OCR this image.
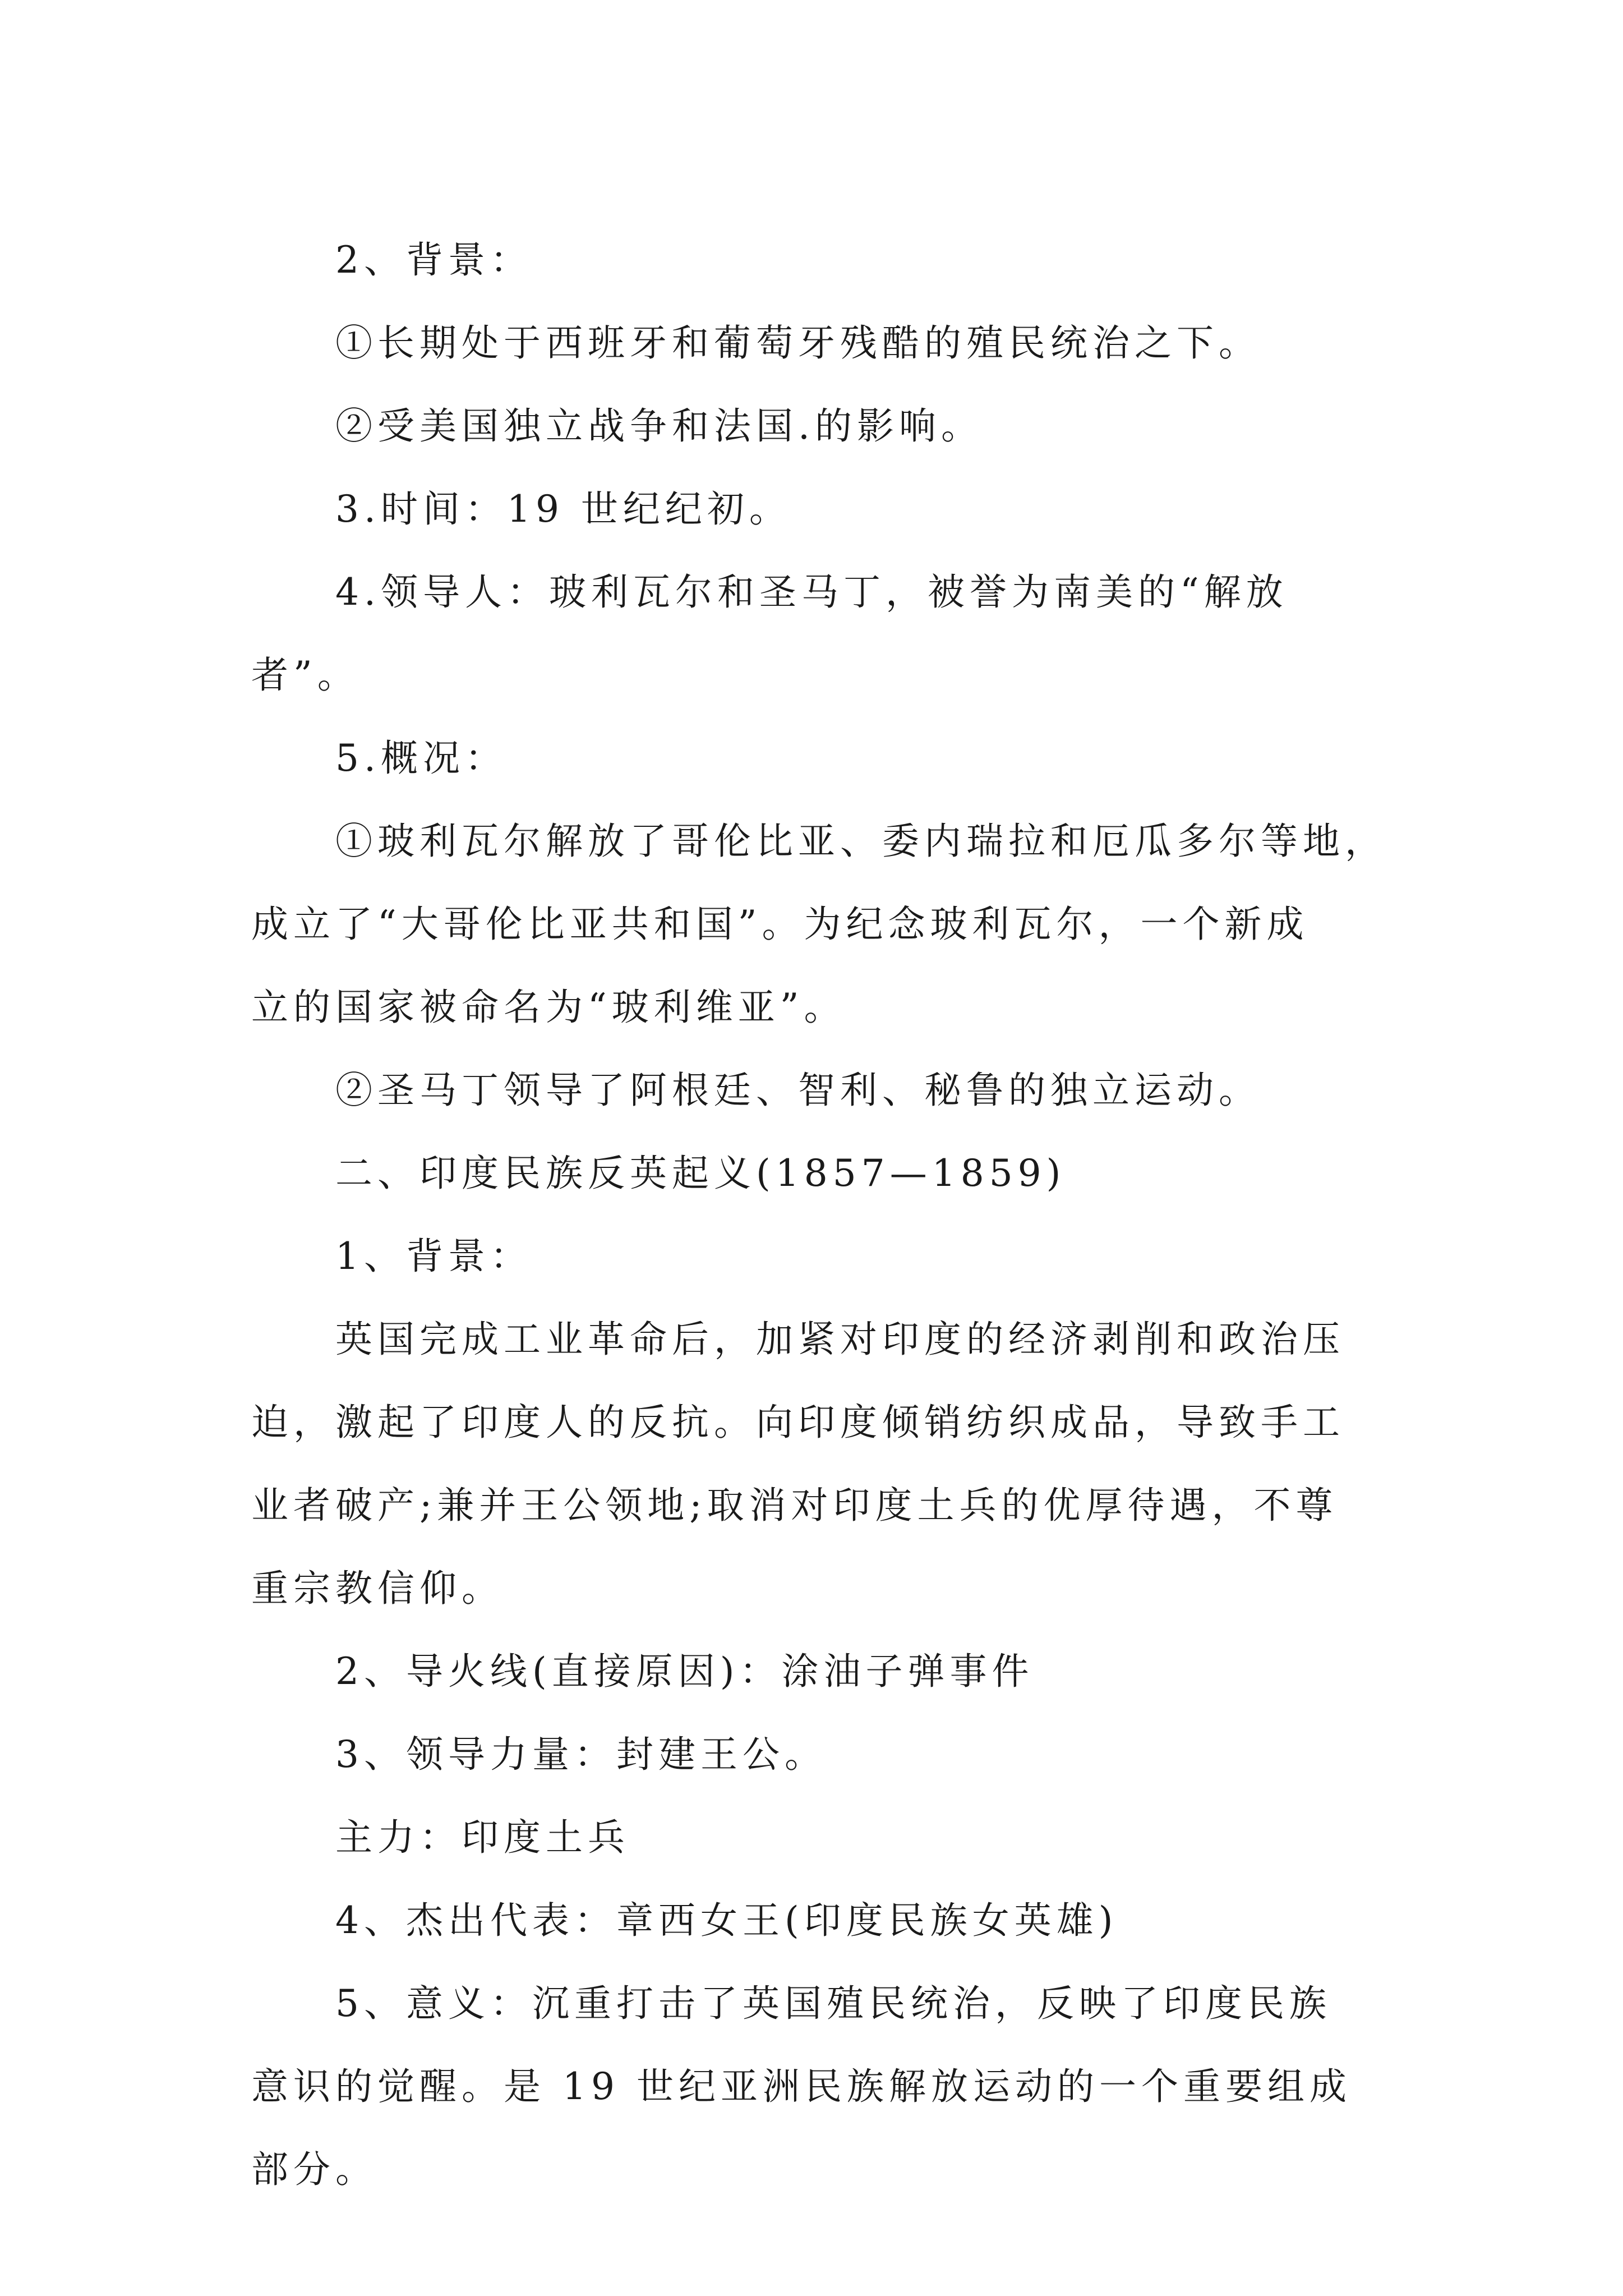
2、背景：
①长期处于西班牙和葡萄牙残酷的殖民统治之下。
②受美国独立战争和法国.的影响。
3.时间：19 世纪纪初。
4.领导人：玻利瓦尔和圣马丁，被誉为南美的“解放
者”。
5.概况：
①玻利瓦尔解放了哥伦比亚、委内瑞拉和厄瓜多尔等地，
成立了“大哥伦比亚共和国”。为纪念玻利瓦尔，一个新成
立的国家被命名为“玻利维亚”。
②圣马丁领导了阿根廷、智利、秘鲁的独立运动。
二、印度民族反英起义(1857—1859)
1、背景：
英国完成工业革命后，加紧对印度的经济剥削和政治压
迫，激起了印度人的反抗。向印度倾销纺织成品，导致手工
业者破产;兼并王公领地;取消对印度土兵的优厚待遇，不尊
重宗教信仰。
2、导火线(直接原因)：涂油子弹事件
3、领导力量：封建王公。
主力：印度土兵
4、杰出代表：章西女王(印度民族女英雄)
5、意义：沉重打击了英国殖民统治，反映了印度民族
意识的觉醒。是 19 世纪亚洲民族解放运动的一个重要组成
部分。
